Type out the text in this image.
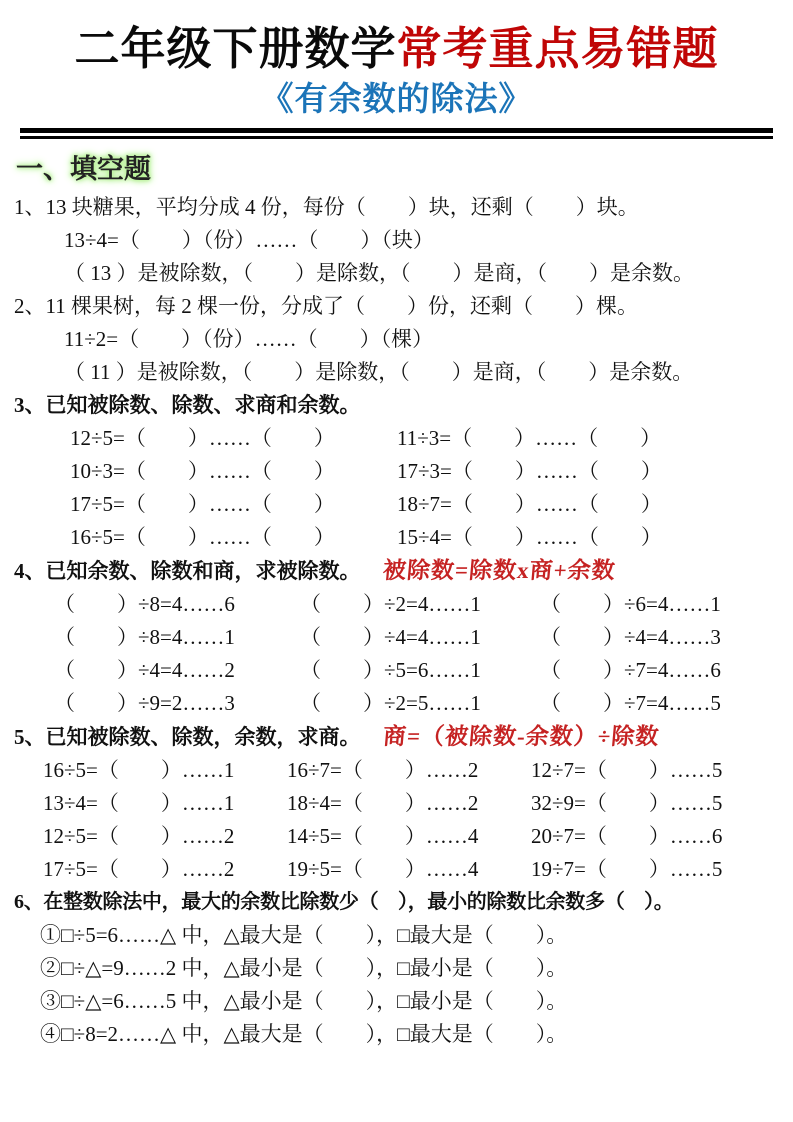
二年级下册数学常考重点易错题
《有余数的除法》
一、填空题

1、13 块糖果，平均分成 4 份，每份（　　）块，还剩（　　）块。

13÷4=（　　）（份）……（　　）（块）

（ 13 ）是被除数，（　　）是除数，（　　）是商，（　　）是余数。

2、11 棵果树，每 2 棵一份，分成了（　　）份，还剩（　　）棵。

11÷2=（　　）（份）……（　　）（棵）

（ 11 ）是被除数，（　　）是除数，（　　）是商，（　　）是余数。

3、已知被除数、除数、求商和余数。

12÷5=（　　）……（　　）	11÷3=（　　）……（　　）
10÷3=（　　）……（　　）	17÷3=（　　）……（　　）
17÷5=（　　）……（　　）	18÷7=（　　）……（　　）
16÷5=（　　）……（　　）	15÷4=（　　）……（　　）

4、已知余数、除数和商，求被除数。 被除数=除数x商+余数

（　　）÷8=4……6	（　　）÷2=4……1	（　　）÷6=4……1
（　　）÷8=4……1	（　　）÷4=4……1	（　　）÷4=4……3
（　　）÷4=4……2	（　　）÷5=6……1	（　　）÷7=4……6
（　　）÷9=2……3	（　　）÷2=5……1	（　　）÷7=4……5

5、已知被除数、除数，余数，求商。 商=（被除数-余数）÷除数

16÷5=（　　）……1	16÷7=（　　）……2	12÷7=（　　）……5
13÷4=（　　）……1	18÷4=（　　）……2	32÷9=（　　）……5
12÷5=（　　）……2	14÷5=（　　）……4	20÷7=（　　）……6
17÷5=（　　）……2	19÷5=（　　）……4	19÷7=（　　）……5

6、在整数除法中，最大的余数比除数少（　），最小的除数比余数多（　）。

①□÷5=6……△ 中，△最大是（　　），□最大是（　　）。

②□÷△=9……2 中，△最小是（　　），□最小是（　　）。

③□÷△=6……5 中，△最小是（　　），□最小是（　　）。

④□÷8=2……△ 中，△最大是（　　），□最大是（　　）。
